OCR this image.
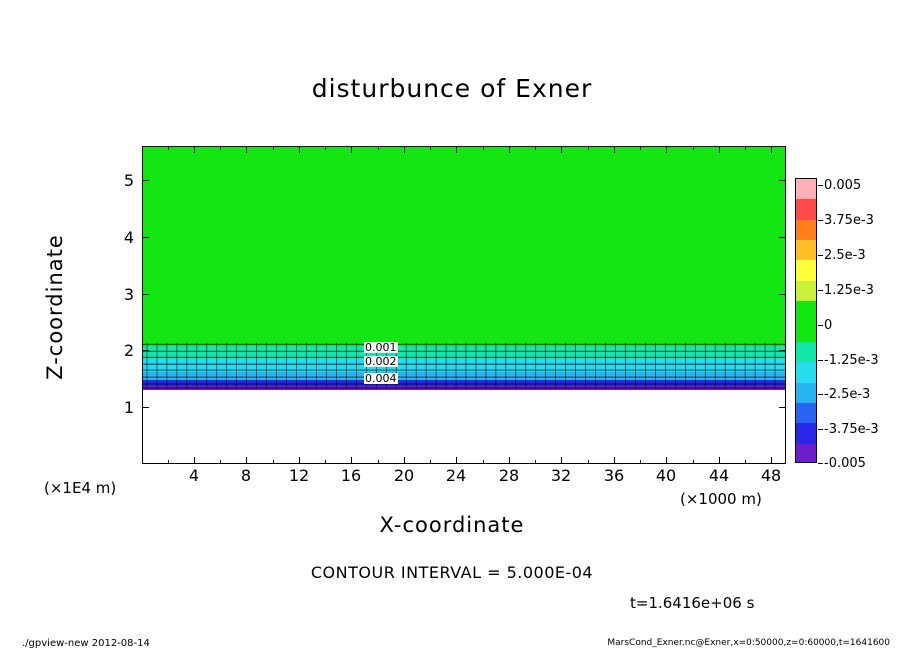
disturbunce of Exner
0.001
0.002
0.004
4	8	12	16	20	24	28	32	36	40	44	48
1
2
3
4
5
Z-coordinate
X-coordinate
(×1E4 m)
(×1000 m)
0.005
3.75e-3
2.5e-3
1.25e-3
0
-1.25e-3
-2.5e-3
-3.75e-3
-0.005
CONTOUR INTERVAL = 5.000E-04
t=1.6416e+06 s
./gpview-new 2012-08-14	MarsCond_Exner.nc@Exner,x=0:50000,z=0:60000,t=1641600
